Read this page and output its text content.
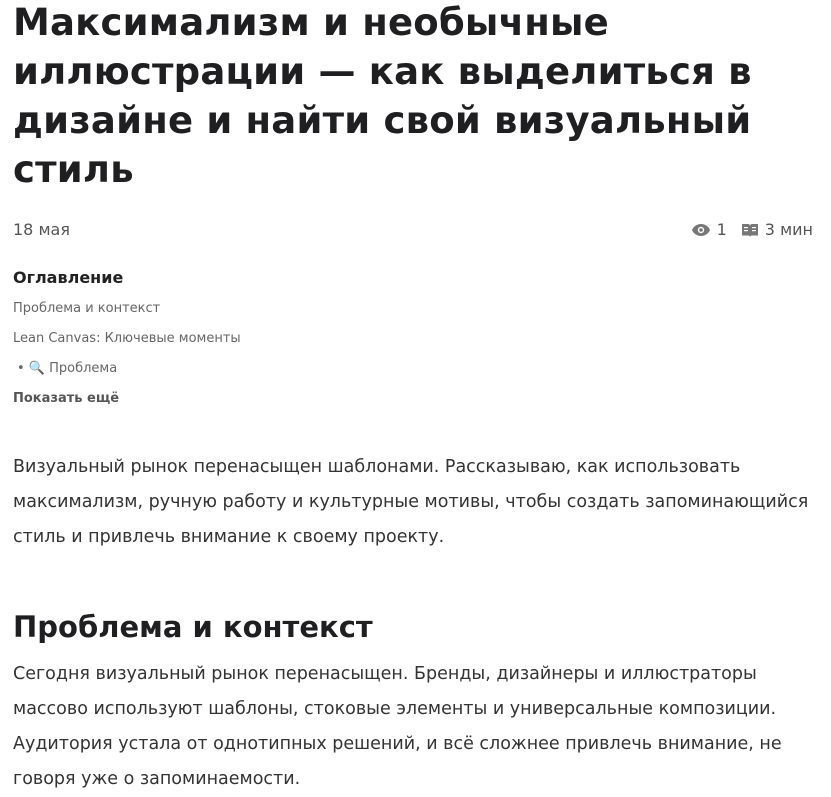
Максимализм и необычные иллюстрации — как выделиться в дизайне и найти свой визуальный стиль
18 мая	1 3 мин
Оглавление
Проблема и контекст
Lean Canvas: Ключевые моменты
• 🔍 Проблема
Показать ещё

Визуальный рынок перенасыщен шаблонами. Рассказываю, как использовать максимализм, ручную работу и культурные мотивы, чтобы создать запоминающийся стиль и привлечь внимание к своему проекту.

Проблема и контекст

Сегодня визуальный рынок перенасыщен. Бренды, дизайнеры и иллюстраторы массово используют шаблоны, стоковые элементы и универсальные композиции. Аудитория устала от однотипных решений, и всё сложнее привлечь внимание, не говоря уже о запоминаемости.
